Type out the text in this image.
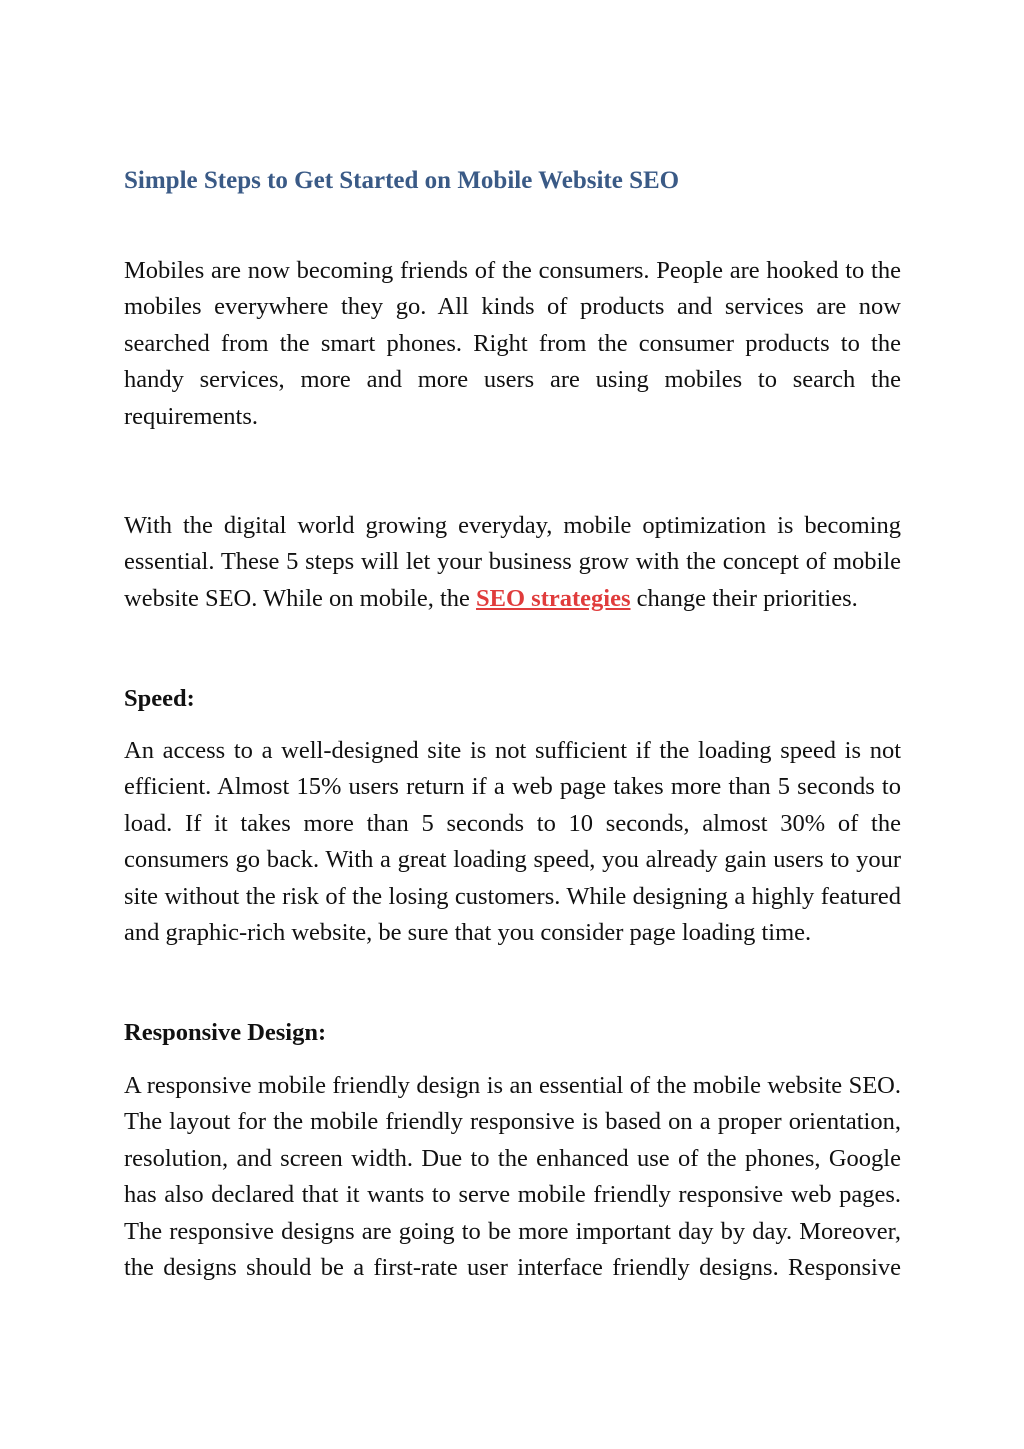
Simple Steps to Get Started on Mobile Website SEO

Mobiles are now becoming friends of the consumers. People are hooked to the mobiles everywhere they go. All kinds of products and services are now searched from the smart phones. Right from the consumer products to the handy services, more and more users are using mobiles to search the requirements.

With the digital world growing everyday, mobile optimization is becoming essential. These 5 steps will let your business grow with the concept of mobile website SEO. While on mobile, the SEO strategies change their priorities.

Speed:

An access to a well-designed site is not sufficient if the loading speed is not efficient. Almost 15% users return if a web page takes more than 5 seconds to load. If it takes more than 5 seconds to 10 seconds, almost 30% of the consumers go back. With a great loading speed, you already gain users to your site without the risk of the losing customers. While designing a highly featured and graphic-rich website, be sure that you consider page loading time.

Responsive Design:

A responsive mobile friendly design is an essential of the mobile website SEO. The layout for the mobile friendly responsive is based on a proper orientation, resolution, and screen width. Due to the enhanced use of the phones, Google has also declared that it wants to serve mobile friendly responsive web pages. The responsive designs are going to be more important day by day. Moreover, the designs should be a first-rate user interface friendly designs. Responsive
